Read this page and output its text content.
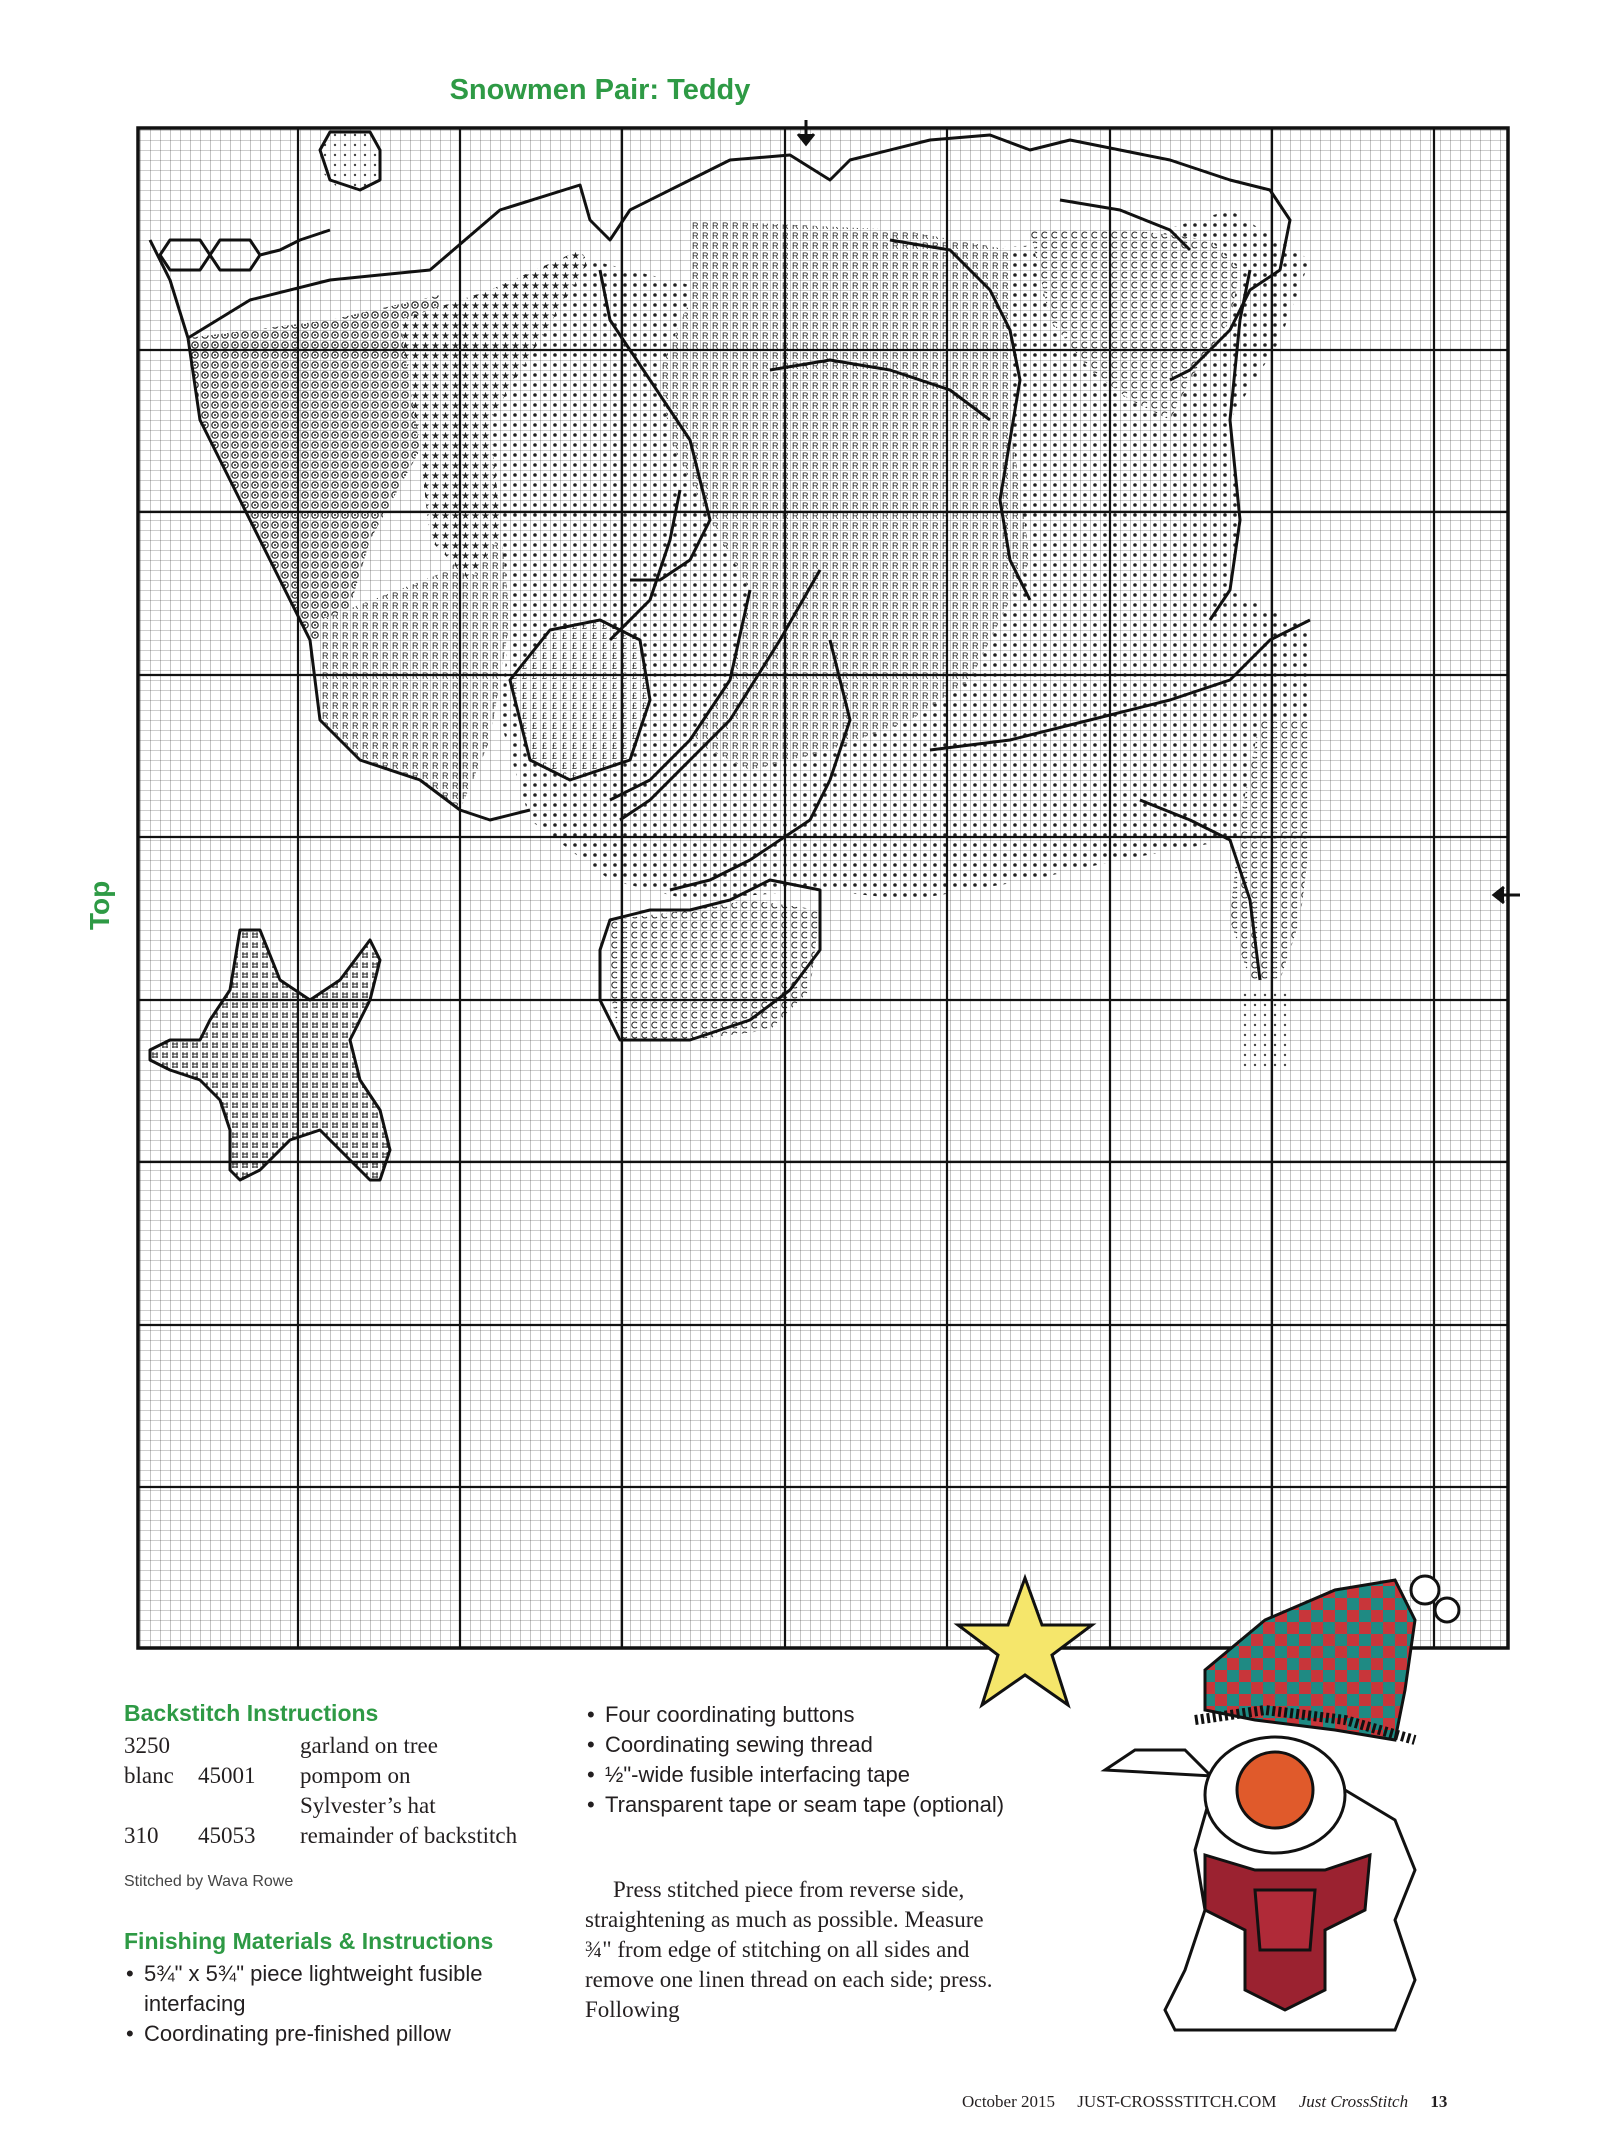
Snowmen Pair: Teddy
Top
Backstitch Instructions
3250		garland on tree
blanc	45001	pompom on
		Sylvester’s hat
310	45053	remainder of backstitch
Stitched by Wava Rowe
Finishing Materials & Instructions
• 5¾" x 5¾" piece lightweight fusible interfacing
• Coordinating pre-finished pillow
• Four coordinating buttons
• Coordinating sewing thread
• ½"-wide fusible interfacing tape
• Transparent tape or seam tape (optional)
Press stitched piece from reverse side, straightening as much as possible. Measure ¾" from edge of stitching on all sides and remove one linen thread on each side; press. Following
October 2015 JUST-CROSSSTITCH.COM Just CrossStitch 13
